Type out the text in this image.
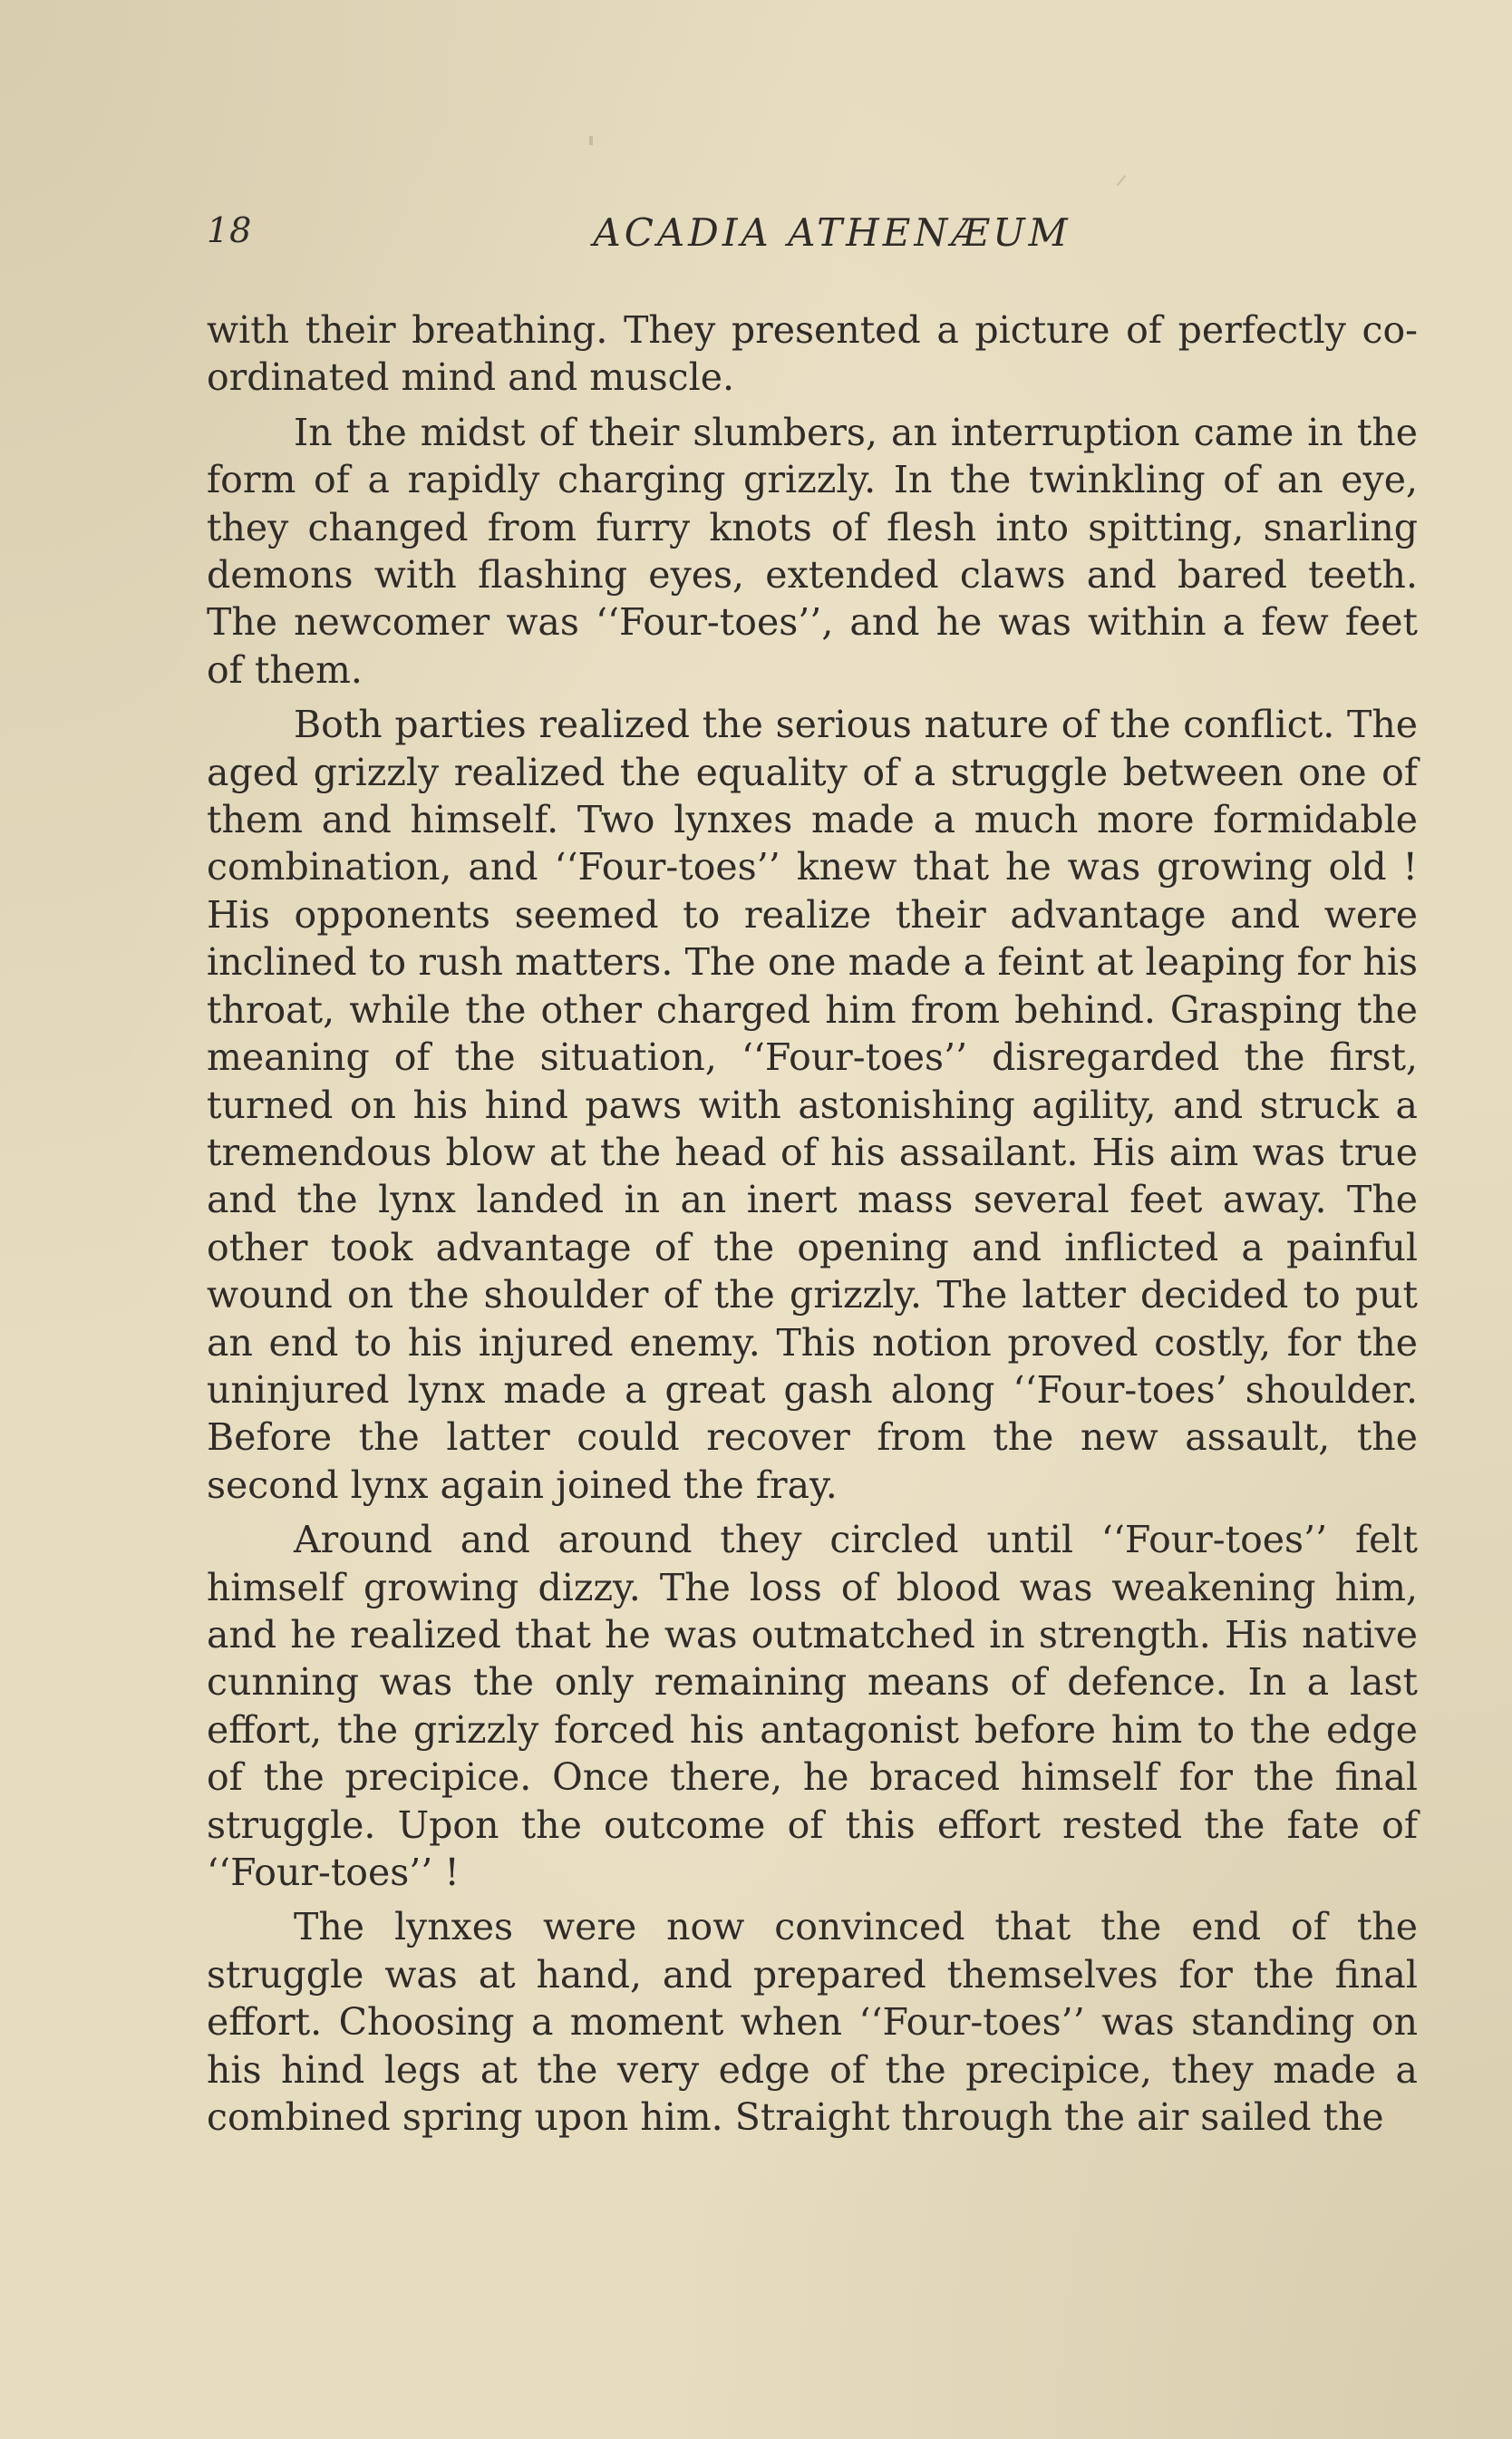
18	ACADIA ATHENÆUM

with their breathing. They presented a picture of perfectly co-ordinated mind and muscle.

In the midst of their slumbers, an interruption came in the form of a rapidly charging grizzly. In the twinkling of an eye, they changed from furry knots of flesh into spitting, snarling demons with flashing eyes, extended claws and bared teeth. The newcomer was ‘‘Four-toes’’, and he was within a few feet of them.

Both parties realized the serious nature of the conflict. The aged grizzly realized the equality of a struggle between one of them and himself. Two lynxes made a much more formidable combination, and ‘‘Four-toes’’ knew that he was growing old ! His opponents seemed to realize their advantage and were inclined to rush matters. The one made a feint at leaping for his throat, while the other charged him from behind. Grasping the meaning of the situation, ‘‘Four-toes’’ disregarded the first, turned on his hind paws with astonishing agility, and struck a tremendous blow at the head of his assailant. His aim was true and the lynx landed in an inert mass several feet away. The other took advantage of the opening and inflicted a painful wound on the shoulder of the grizzly. The latter decided to put an end to his injured enemy. This notion proved costly, for the uninjured lynx made a great gash along ‘‘Four-toes’ shoulder. Before the latter could recover from the new assault, the second lynx again joined the fray.

Around and around they circled until ‘‘Four-toes’’ felt himself growing dizzy. The loss of blood was weakening him, and he realized that he was outmatched in strength. His native cunning was the only remaining means of defence. In a last effort, the grizzly forced his antagonist before him to the edge of the precipice. Once there, he braced himself for the final struggle. Upon the outcome of this effort rested the fate of ‘‘Four-toes’’ !

The lynxes were now convinced that the end of the struggle was at hand, and prepared themselves for the final effort. Choosing a moment when ‘‘Four-toes’’ was standing on his hind legs at the very edge of the precipice, they made a combined spring upon him. Straight through the air sailed the
